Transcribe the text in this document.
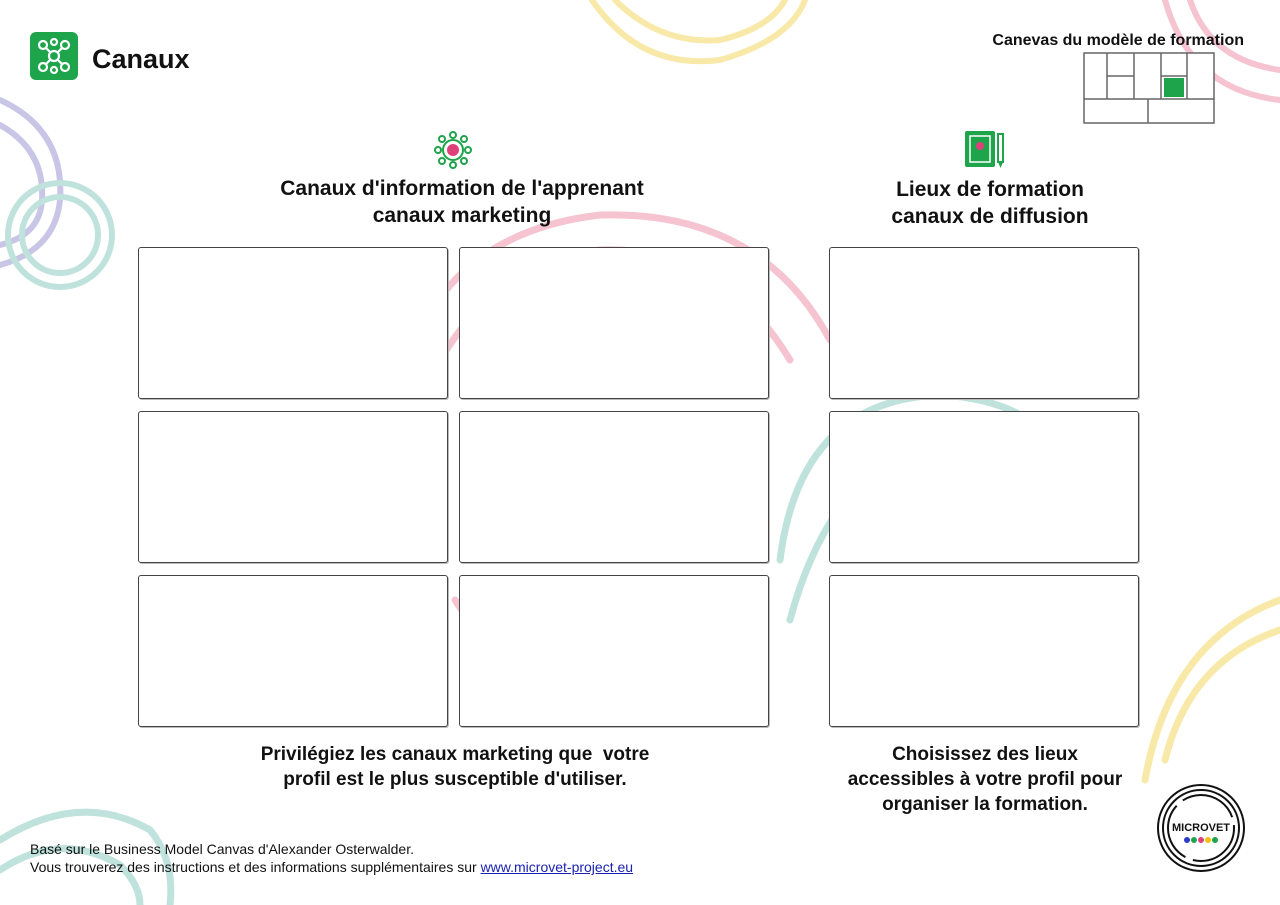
Canaux
Canevas du modèle de formation
Canaux d'information de l'apprenant
canaux marketing
Lieux de formation
canaux de diffusion
Privilégiez les canaux marketing que  votre
profil est le plus susceptible d'utiliser.
Choisissez des lieux
accessibles à votre profil pour
organiser la formation.
Basé sur le Business Model Canvas d'Alexander Osterwalder.
Vous trouverez des instructions et des informations supplémentaires sur www.microvet-project.eu
MICROVET
